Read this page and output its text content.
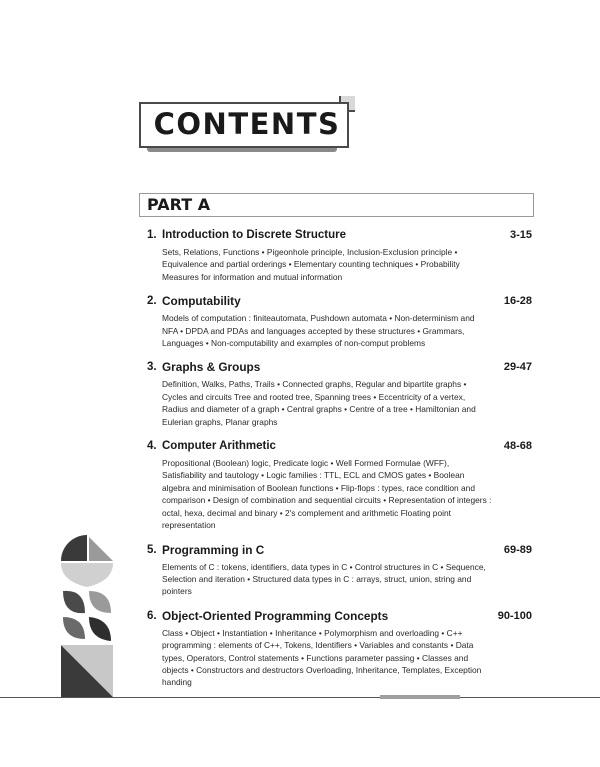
CONTENTS
PART A
1. Introduction to Discrete Structure	3-15
Sets, Relations, Functions • Pigeonhole principle, Inclusion-Exclusion principle • Equivalence and partial orderings • Elementary counting techniques • Probability Measures for information and mutual information
2. Computability	16-28
Models of computation : finiteautomata, Pushdown automata • Non-determinism and NFA • DPDA and PDAs and languages accepted by these structures • Grammars, Languages • Non-computability and examples of non-comput problems
3. Graphs & Groups	29-47
Definition, Walks, Paths, Trails • Connected graphs, Regular and bipartite graphs • Cycles and circuits Tree and rooted tree, Spanning trees • Eccentricity of a vertex, Radius and diameter of a graph • Central graphs • Centre of a tree • Hamiltonian and Eulerian graphs, Planar graphs
4. Computer Arithmetic	48-68
Propositional (Boolean) logic, Predicate logic • Well Formed Formulae (WFF), Satisfiability and tautology • Logic families : TTL, ECL and CMOS gates • Boolean algebra and minimisation of Boolean functions • Flip-flops : types, race condition and comparison • Design of combination and sequential circuits • Representation of integers : octal, hexa, decimal and binary • 2's complement and arithmetic Floating point representation
5. Programming in C	69-89
Elements of C : tokens, identifiers, data types in C • Control structures in C • Sequence, Selection and iteration • Structured data types in C : arrays, struct, union, string and pointers
6. Object-Oriented Programming Concepts	90-100
Class • Object • Instantiation • Inheritance • Polymorphism and overloading • C++ programming : elements of C++, Tokens, Identifiers • Variables and constants • Data types, Operators, Control statements • Functions parameter passing • Classes and objects • Constructors and destructors Overloading, Inheritance, Templates, Exception handing
